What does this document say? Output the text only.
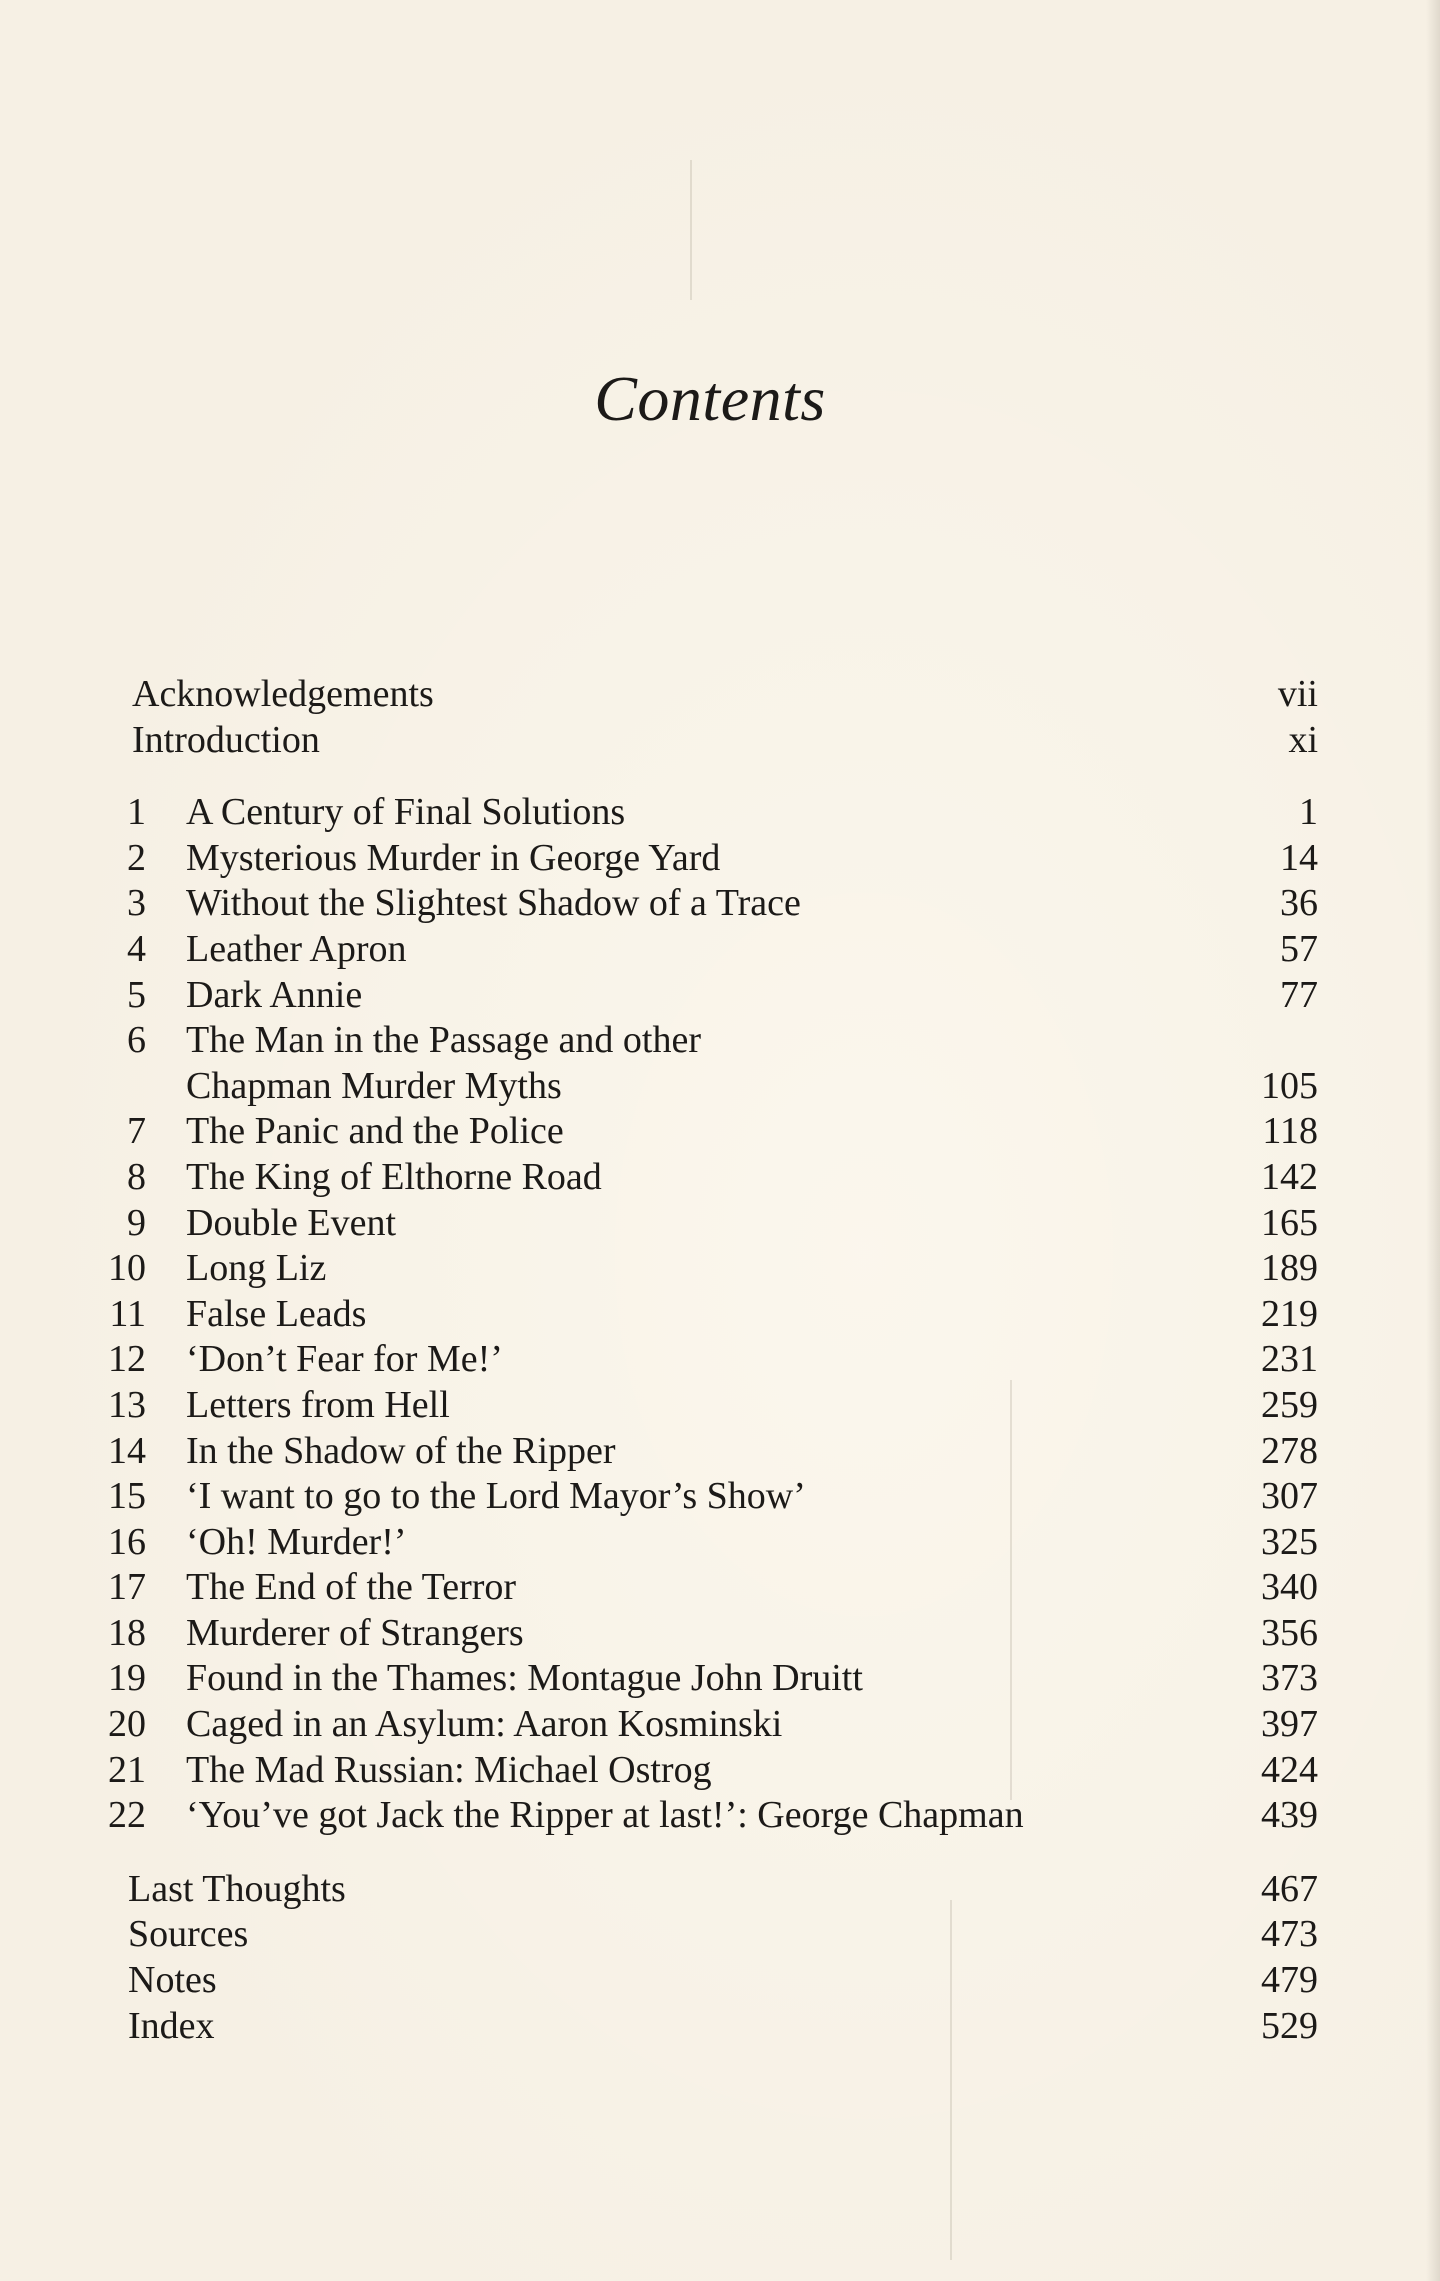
Contents
Acknowledgements	vii
Introduction	xi
1 A Century of Final Solutions	1
2 Mysterious Murder in George Yard	14
3 Without the Slightest Shadow of a Trace	36
4 Leather Apron	57
5 Dark Annie	77
6 The Man in the Passage and other
Chapman Murder Myths	105
7 The Panic and the Police	118
8 The King of Elthorne Road	142
9 Double Event	165
10 Long Liz	189
11 False Leads	219
12 ‘Don’t Fear for Me!’	231
13 Letters from Hell	259
14 In the Shadow of the Ripper	278
15 ‘I want to go to the Lord Mayor’s Show’	307
16 ‘Oh! Murder!’	325
17 The End of the Terror	340
18 Murderer of Strangers	356
19 Found in the Thames: Montague John Druitt	373
20 Caged in an Asylum: Aaron Kosminski	397
21 The Mad Russian: Michael Ostrog	424
22 ‘You’ve got Jack the Ripper at last!’: George Chapman	439
Last Thoughts	467
Sources	473
Notes	479
Index	529
